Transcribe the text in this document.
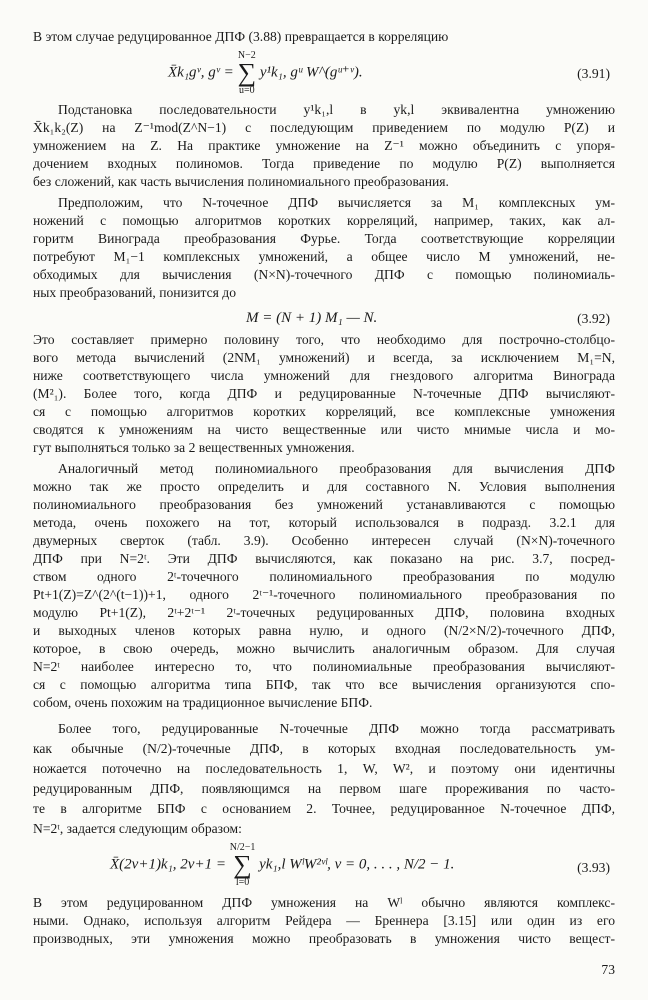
В этом случае редуцированное ДПФ (3.88) превращается в корреляцию
X̄k₁gᵛ, gᵛ =
N−2
∑
u=0
y¹k₁, gᵘ W^(gᵘ⁺ᵛ).	(3.91)
Подстановка последовательности y¹k₁,l в yk,l эквивалентна умножению
X̄k₁k₂(Z) на Z⁻¹mod(Z^N−1) с последующим приведением по модулю P(Z) и
умножением на Z. На практике умножение на Z⁻¹ можно объединить с упоря-
дочением входных полиномов. Тогда приведение по модулю P(Z) выполняется
без сложений, как часть вычисления полиномиального преобразования.
Предположим, что N-точечное ДПФ вычисляется за M₁ комплексных ум-
ножений с помощью алгоритмов коротких корреляций, например, таких, как ал-
горитм Винограда преобразования Фурье. Тогда соответствующие корреляции
потребуют M₁−1 комплексных умножений, а общее число M умножений, не-
обходимых для вычисления (N×N)-точечного ДПФ с помощью полиномиаль-
ных преобразований, понизится до
M = (N + 1) M₁ — N.	(3.92)
Это составляет примерно половину того, что необходимо для построчно-столбцо-
вого метода вычислений (2NM₁ умножений) и всегда, за исключением M₁=N,
ниже соответствующего числа умножений для гнездового алгоритма Винограда
(M²₁). Более того, когда ДПФ и редуцированные N-точечные ДПФ вычисляют-
ся с помощью алгоритмов коротких корреляций, все комплексные умножения
сводятся к умножениям на чисто вещественные или чисто мнимые числа и мо-
гут выполняться только за 2 вещественных умножения.
Аналогичный метод полиномиального преобразования для вычисления ДПФ
можно так же просто определить и для составного N. Условия выполнения
полиномиального преобразования без умножений устанавливаются с помощью
метода, очень похожего на тот, который использовался в подразд. 3.2.1 для
двумерных сверток (табл. 3.9). Особенно интересен случай (N×N)-точечного
ДПФ при N=2ᵗ. Эти ДПФ вычисляются, как показано на рис. 3.7, посред-
ством одного 2ᵗ-точечного полиномиального преобразования по модулю
Pt+1(Z)=Z^(2^(t−1))+1, одного 2ᵗ⁻¹-точечного полиномиального преобразования по
модулю Pt+1(Z), 2ᵗ+2ᵗ⁻¹ 2ᵗ-точечных редуцированных ДПФ, половина входных
и выходных членов которых равна нулю, и одного (N/2×N/2)-точечного ДПФ,
которое, в свою очередь, можно вычислить аналогичным образом. Для случая
N=2ᵗ наиболее интересно то, что полиномиальные преобразования вычисляют-
ся с помощью алгоритма типа БПФ, так что все вычисления организуются спо-
собом, очень похожим на традиционное вычисление БПФ.
Более того, редуцированные N-точечные ДПФ можно тогда рассматривать
как обычные (N/2)-точечные ДПФ, в которых входная последовательность ум-
ножается поточечно на последовательность 1, W, W², и поэтому они идентичны
редуцированным ДПФ, появляющимся на первом шаге прореживания по часто-
те в алгоритме БПФ с основанием 2. Точнее, редуцированное N-точечное ДПФ,
N=2ᵗ, задается следующим образом:
X̄(2v+1)k₁, 2v+1 =
N/2−1
∑
l=0
yk₁,l WˡW²ᵛˡ, v = 0, . . . , N/2 − 1.	(3.93)
В этом редуцированном ДПФ умножения на Wˡ обычно являются комплекс-
ными. Однако, используя алгоритм Рейдера — Бреннера [3.15] или один из его
производных, эти умножения можно преобразовать в умножения чисто вещест-
73
